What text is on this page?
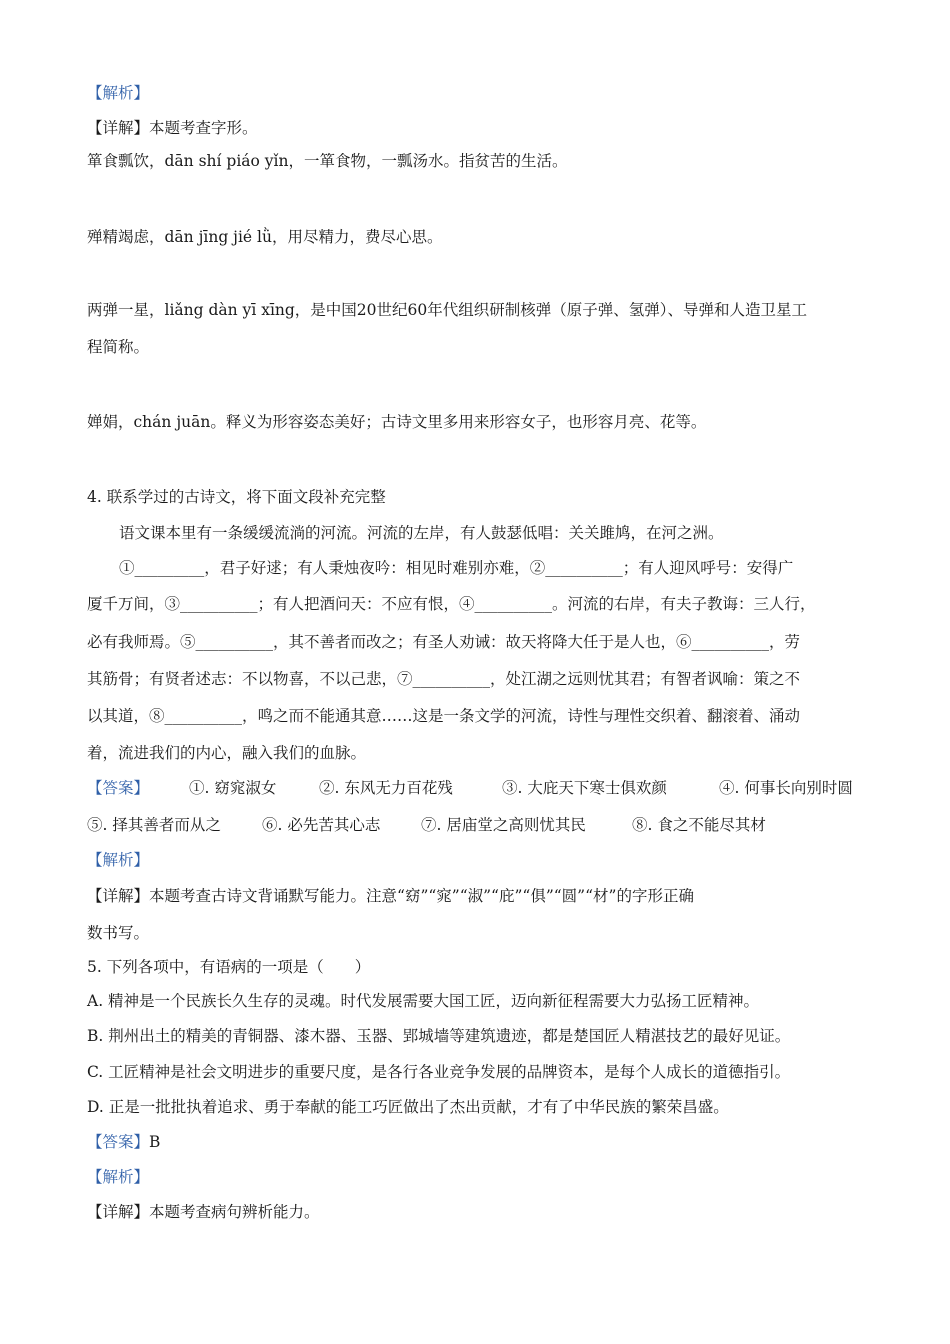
【解析】
【详解】本题考查字形。
箪食瓢饮，dān shí piáo yǐn，一箪食物，一瓢汤水。指贫苦的生活。
殚精竭虑，dān jīng jié lǜ，用尽精力，费尽心思。
两弹一星，liǎng dàn yī xīng，是中国20世纪60年代组织研制核弹（原子弹、氢弹）、导弹和人造卫星工
程简称。
婵娟，chán juān。释义为形容姿态美好；古诗文里多用来形容女子，也形容月亮、花等。
4. 联系学过的古诗文，将下面文段补充完整
语文课本里有一条缓缓流淌的河流。河流的左岸，有人鼓瑟低唱：关关雎鸠，在河之洲。
①_________，君子好逑；有人秉烛夜吟：相见时难别亦难，②__________；有人迎风呼号：安得广
厦千万间，③__________；有人把酒问天：不应有恨，④__________。河流的右岸，有夫子教诲：三人行，
必有我师焉。⑤__________，其不善者而改之；有圣人劝诫：故天将降大任于是人也，⑥__________，劳
其筋骨；有贤者述志：不以物喜，不以己悲，⑦__________，处江湖之远则忧其君；有智者讽喻：策之不
以其道，⑧__________，鸣之而不能通其意……这是一条文学的河流，诗性与理性交织着、翻滚着、涌动
着，流进我们的内心，融入我们的血脉。
【答案】	①. 窈窕淑女	②. 东风无力百花残	③. 大庇天下寒士俱欢颜	④. 何事长向别时圆
⑤. 择其善者而从之	⑥. 必先苦其心志	⑦. 居庙堂之高则忧其民	⑧. 食之不能尽其材
【解析】
【详解】本题考查古诗文背诵默写能力。注意“窈”“窕”“淑”“庇”“俱”“圆”“材”的字形正确
数书写。
5. 下列各项中，有语病的一项是（　　）
A. 精神是一个民族长久生存的灵魂。时代发展需要大国工匠，迈向新征程需要大力弘扬工匠精神。
B. 荆州出土的精美的青铜器、漆木器、玉器、郢城墙等建筑遗迹，都是楚国匠人精湛技艺的最好见证。
C. 工匠精神是社会文明进步的重要尺度，是各行各业竞争发展的品牌资本，是每个人成长的道德指引。
D. 正是一批批执着追求、勇于奉献的能工巧匠做出了杰出贡献，才有了中华民族的繁荣昌盛。
【答案】B
【解析】
【详解】本题考查病句辨析能力。
